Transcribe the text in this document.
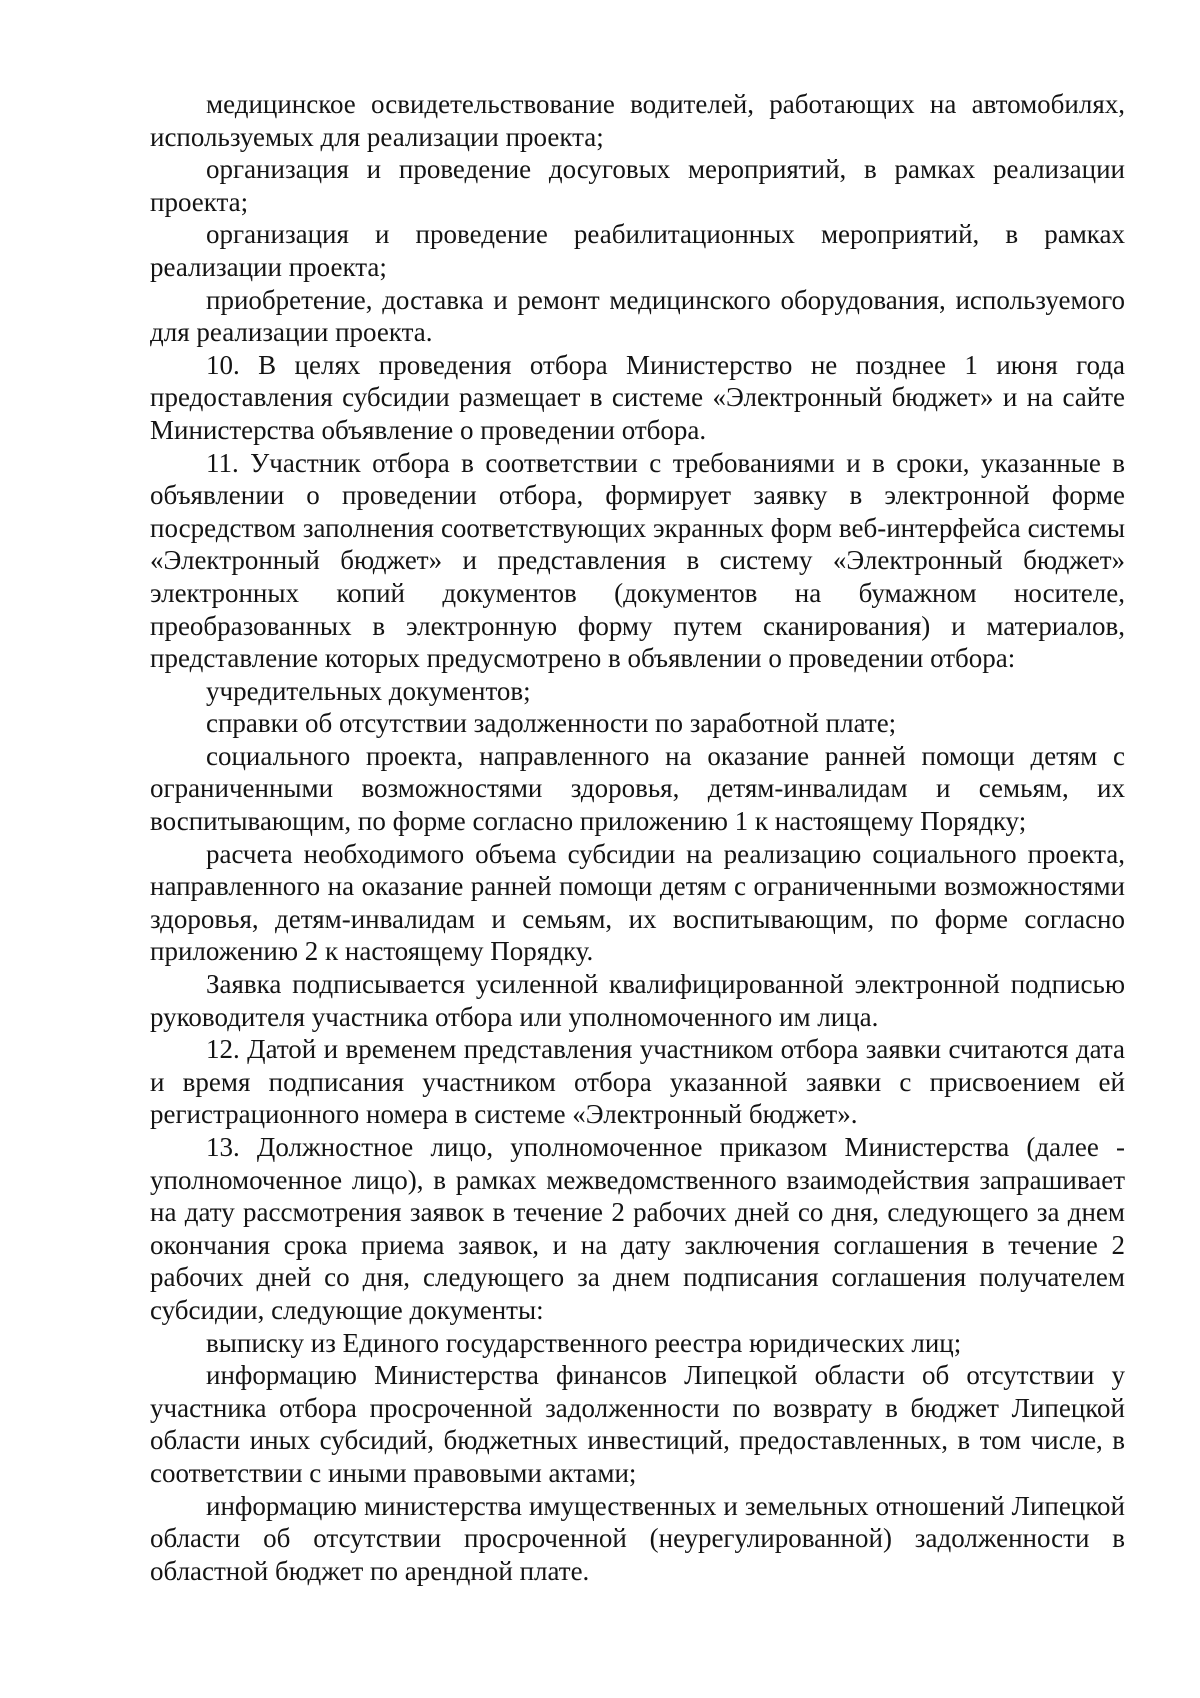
медицинское освидетельствование водителей, работающих на автомобилях, используемых для реализации проекта;

организация и проведение досуговых мероприятий, в рамках реализации проекта;

организация и проведение реабилитационных мероприятий, в рамках реализации проекта;

приобретение, доставка и ремонт медицинского оборудования, используемого для реализации проекта.

10. В целях проведения отбора Министерство не позднее 1 июня года предоставления субсидии размещает в системе «Электронный бюджет» и на сайте Министерства объявление о проведении отбора.

11. Участник отбора в соответствии с требованиями и в сроки, указанные в объявлении о проведении отбора, формирует заявку в электронной форме посредством заполнения соответствующих экранных форм веб-интерфейса системы «Электронный бюджет» и представления в систему «Электронный бюджет» электронных копий документов (документов на бумажном носителе, преобразованных в электронную форму путем сканирования) и материалов, представление которых предусмотрено в объявлении о проведении отбора:

учредительных документов;

справки об отсутствии задолженности по заработной плате;

социального проекта, направленного на оказание ранней помощи детям с ограниченными возможностями здоровья, детям-инвалидам и семьям, их воспитывающим, по форме согласно приложению 1 к настоящему Порядку;

расчета необходимого объема субсидии на реализацию социального проекта, направленного на оказание ранней помощи детям с ограниченными возможностями здоровья, детям-инвалидам и семьям, их воспитывающим, по форме согласно приложению 2 к настоящему Порядку.

Заявка подписывается усиленной квалифицированной электронной подписью руководителя участника отбора или уполномоченного им лица.

12. Датой и временем представления участником отбора заявки считаются дата и время подписания участником отбора указанной заявки с присвоением ей регистрационного номера в системе «Электронный бюджет».

13. Должностное лицо, уполномоченное приказом Министерства (далее - уполномоченное лицо), в рамках межведомственного взаимодействия запрашивает на дату рассмотрения заявок в течение 2 рабочих дней со дня, следующего за днем окончания срока приема заявок, и на дату заключения соглашения в течение 2 рабочих дней со дня, следующего за днем подписания соглашения получателем субсидии, следующие документы:

выписку из Единого государственного реестра юридических лиц;

информацию Министерства финансов Липецкой области об отсутствии у участника отбора просроченной задолженности по возврату в бюджет Липецкой области иных субсидий, бюджетных инвестиций, предоставленных, в том числе, в соответствии с иными правовыми актами;

информацию министерства имущественных и земельных отношений Липецкой области об отсутствии просроченной (неурегулированной) задолженности в областной бюджет по арендной плате.
